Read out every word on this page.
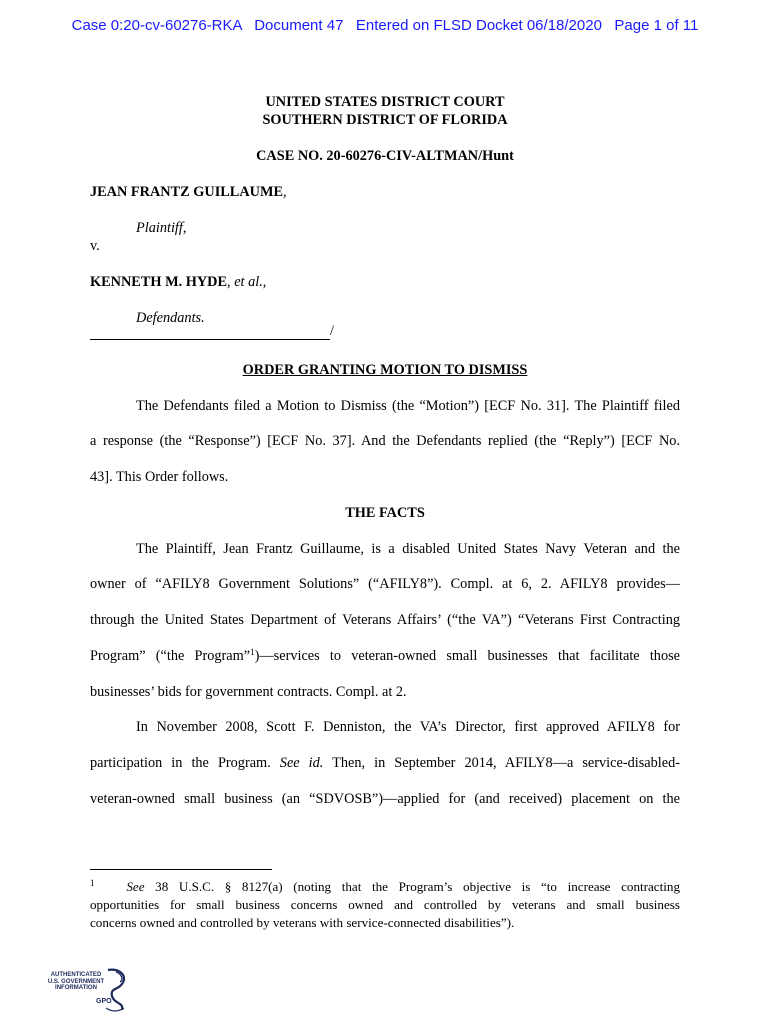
Case 0:20-cv-60276-RKA   Document 47   Entered on FLSD Docket 06/18/2020   Page 1 of 11
UNITED STATES DISTRICT COURT
SOUTHERN DISTRICT OF FLORIDA
CASE NO. 20-60276-CIV-ALTMAN/Hunt
JEAN FRANTZ GUILLAUME,
Plaintiff,
v.
KENNETH M. HYDE, et al.,
Defendants.
/
ORDER GRANTING MOTION TO DISMISS
The Defendants filed a Motion to Dismiss (the “Motion”) [ECF No. 31]. The Plaintiff filed
a response (the “Response”) [ECF No. 37]. And the Defendants replied (the “Reply”) [ECF No.
43]. This Order follows.
THE FACTS
The Plaintiff, Jean Frantz Guillaume, is a disabled United States Navy Veteran and the
owner of “AFILY8 Government Solutions” (“AFILY8”). Compl. at 6, 2. AFILY8 provides—
through the United States Department of Veterans Affairs’ (“the VA”) “Veterans First Contracting
Program” (“the Program”$^1$)—services to veteran-owned small businesses that facilitate those
businesses’ bids for government contracts. Compl. at 2.
In November 2008, Scott F. Denniston, the VA’s Director, first approved AFILY8 for
participation in the Program. See id. Then, in September 2014, AFILY8—a service-disabled-
veteran-owned small business (an “SDVOSB”)—applied for (and received) placement on the
$^1$ See 38 U.S.C. § 8127(a) (noting that the Program’s objective is “to increase contracting
opportunities for small business concerns owned and controlled by veterans and small business
concerns owned and controlled by veterans with service-connected disabilities”).
AUTHENTICATED
U.S. GOVERNMENT
INFORMATION
GPO
